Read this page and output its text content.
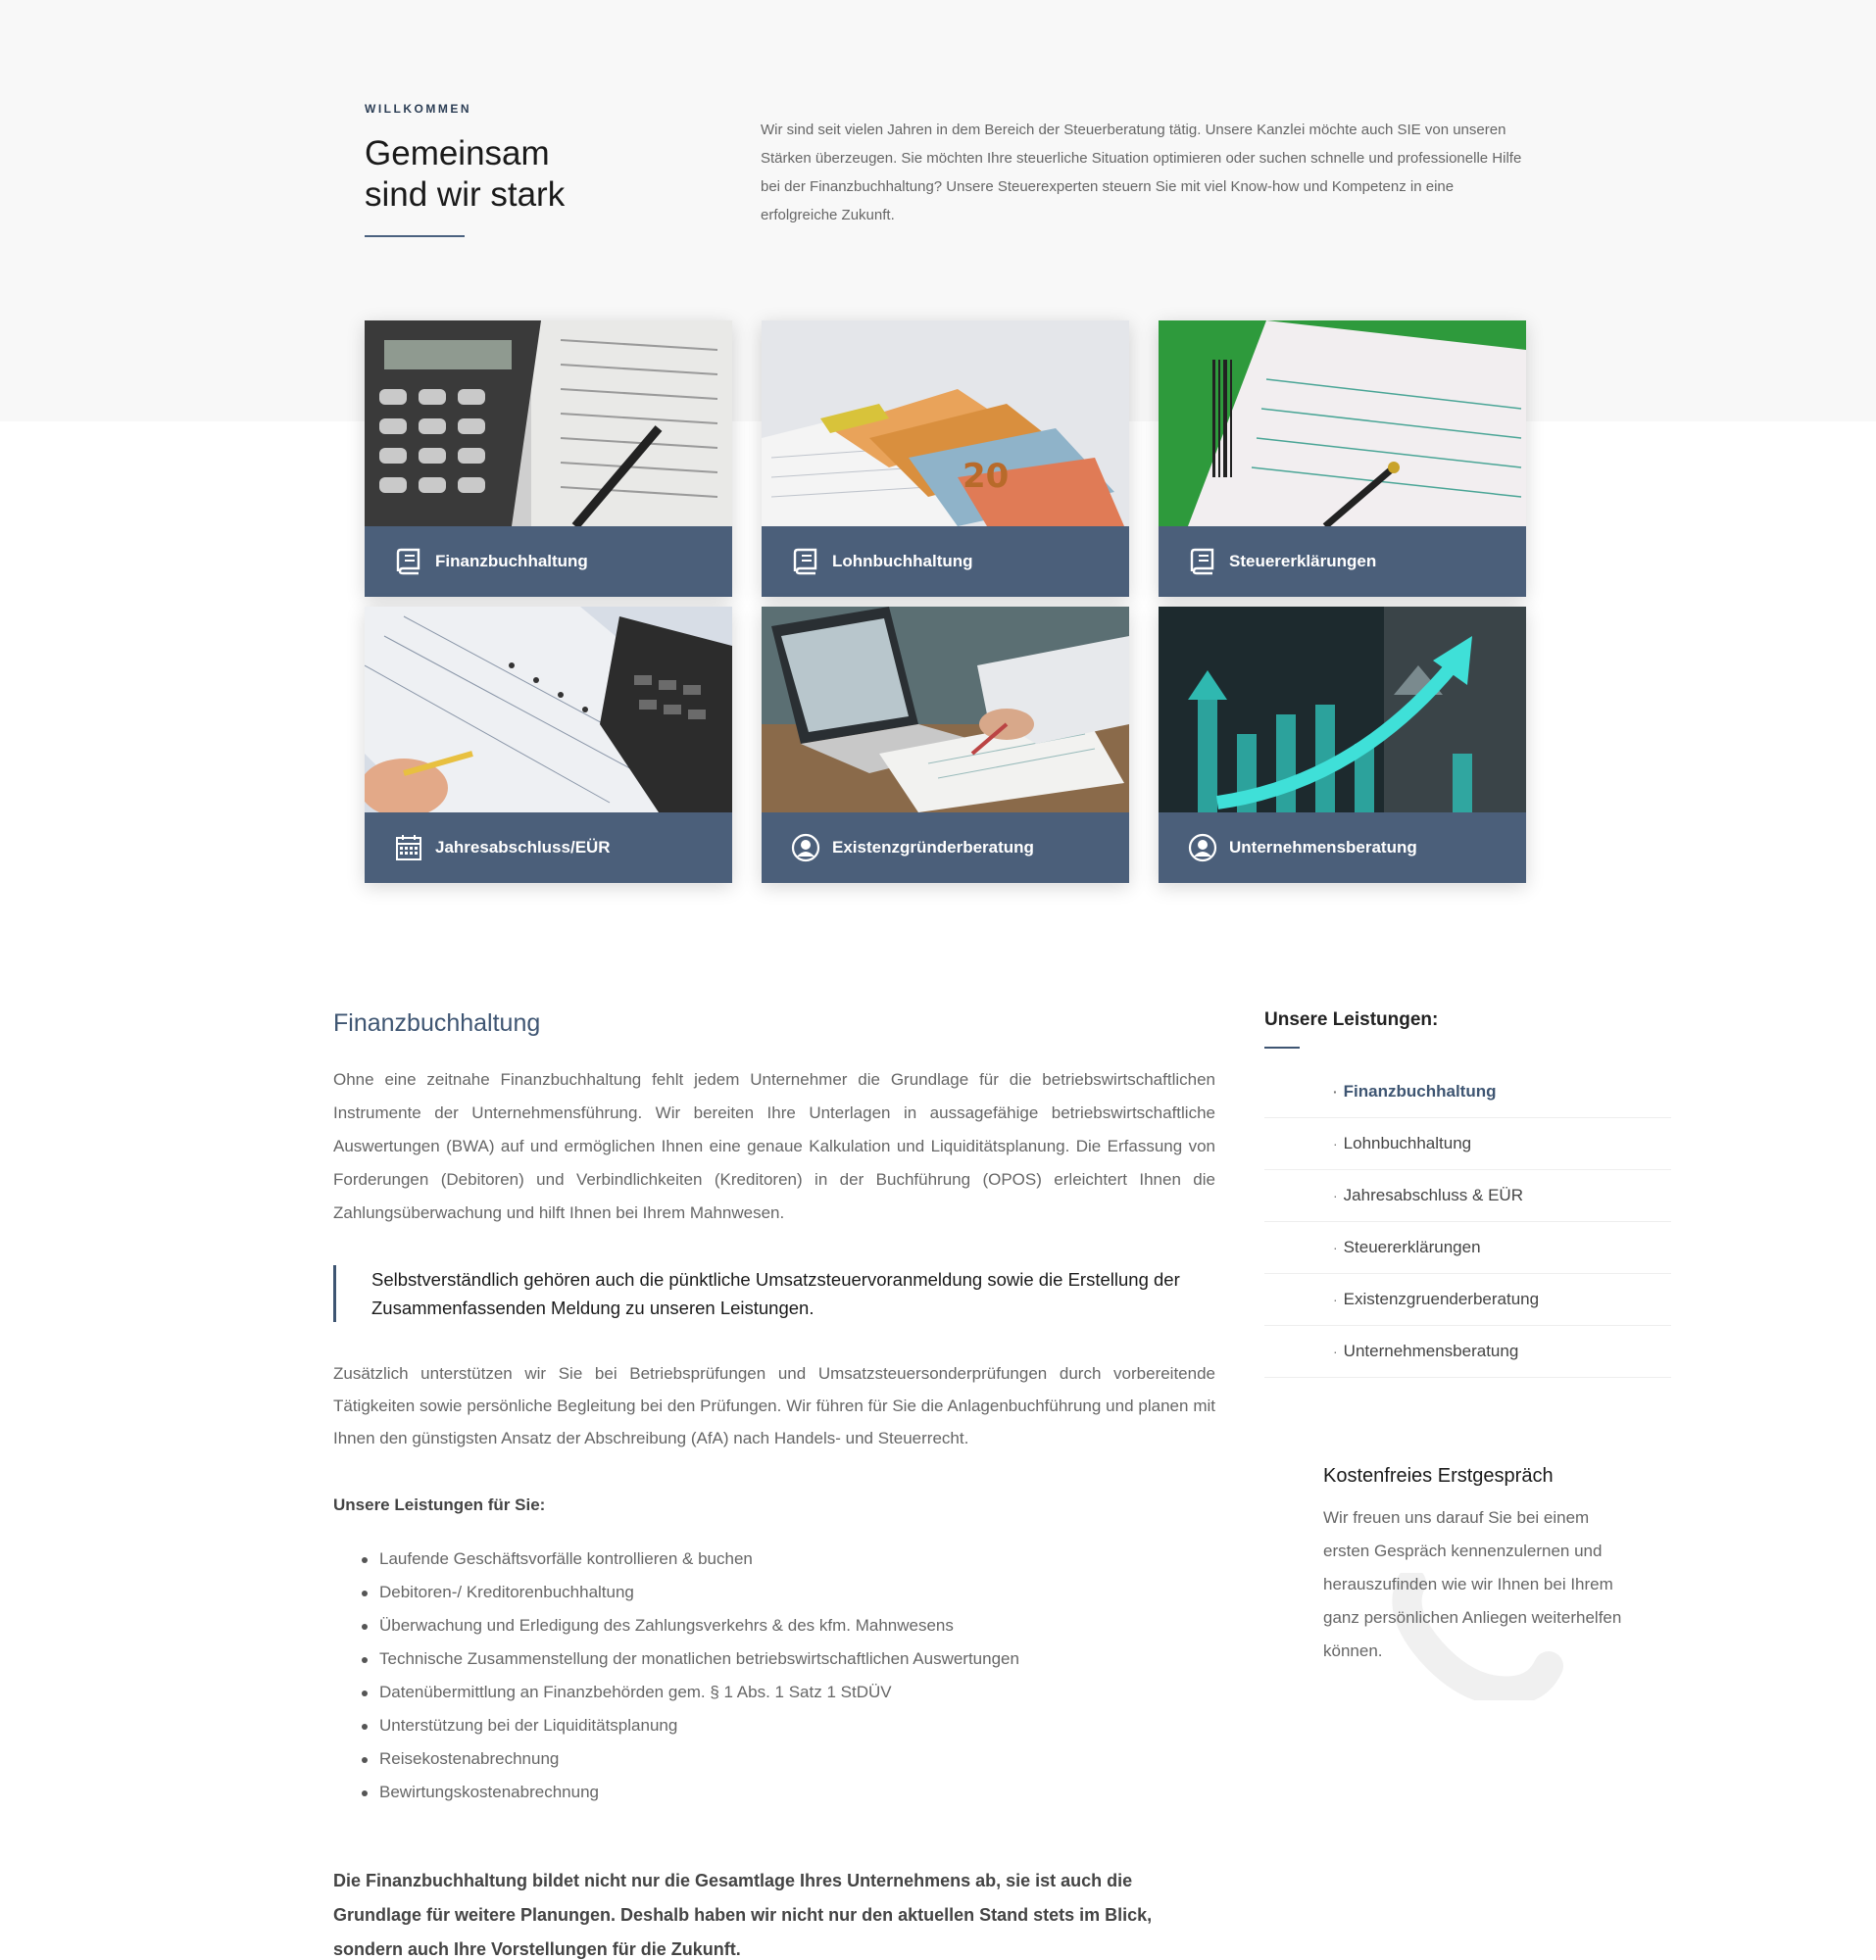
WILLKOMMEN
Gemeinsam
sind wir stark

Wir sind seit vielen Jahren in dem Bereich der Steuerberatung tätig. Unsere Kanzlei möchte auch SIE von unseren Stärken überzeugen. Sie möchten Ihre steuerliche Situation optimieren oder suchen schnelle und professionelle Hilfe bei der Finanzbuchhaltung? Unsere Steuerexperten steuern Sie mit viel Know-how und Kompetenz in eine erfolgreiche Zukunft.

Finanzbuchhaltung
20
Lohnbuchhaltung	Steuererklärungen
Jahresabschluss/EÜR	Existenzgründerberatung	Unternehmensberatung
Finanzbuchhaltung

Ohne eine zeitnahe Finanzbuchhaltung fehlt jedem Unternehmer die Grundlage für die betriebswirtschaftlichen Instrumente der Unternehmensführung. Wir bereiten Ihre Unterlagen in aussagefähige betriebswirtschaftliche Auswertungen (BWA) auf und ermöglichen Ihnen eine genaue Kalkulation und Liquiditätsplanung. Die Erfassung von Forderungen (Debitoren) und Verbindlichkeiten (Kreditoren) in der Buchführung (OPOS) erleichtert Ihnen die Zahlungsüberwachung und hilft Ihnen bei Ihrem Mahnwesen.

Selbstverständlich gehören auch die pünktliche Umsatzsteuervoranmeldung sowie die Erstellung der Zusammenfassenden Meldung zu unseren Leistungen.

Zusätzlich unterstützen wir Sie bei Betriebsprüfungen und Umsatzsteuersonderprüfungen durch vorbereitende Tätigkeiten sowie persönliche Begleitung bei den Prüfungen. Wir führen für Sie die Anlagenbuchführung und planen mit Ihnen den günstigsten Ansatz der Abschreibung (AfA) nach Handels- und Steuerrecht.

Unsere Leistungen für Sie:

Laufende Geschäftsvorfälle kontrollieren & buchen
Debitoren-/ Kreditorenbuchhaltung
Überwachung und Erledigung des Zahlungsverkehrs & des kfm. Mahnwesens
Technische Zusammenstellung der monatlichen betriebswirtschaftlichen Auswertungen
Datenübermittlung an Finanzbehörden gem. § 1 Abs. 1 Satz 1 StDÜV
Unterstützung bei der Liquiditätsplanung
Reisekostenabrechnung
Bewirtungskostenabrechnung

Die Finanzbuchhaltung bildet nicht nur die Gesamtlage Ihres Unternehmens ab, sie ist auch die Grundlage für weitere Planungen. Deshalb haben wir nicht nur den aktuellen Stand stets im Blick, sondern auch Ihre Vorstellungen für die Zukunft.

Unsere Leistungen:
· Finanzbuchhaltung
· Lohnbuchhaltung
· Jahresabschluss & EÜR
· Steuererklärungen
· Existenzgruenderberatung
· Unternehmensberatung
Kostenfreies Erstgespräch

Wir freuen uns darauf Sie bei einem ersten Gespräch kennenzulernen und herauszufinden wie wir Ihnen bei Ihrem ganz persönlichen Anliegen weiterhelfen können.
